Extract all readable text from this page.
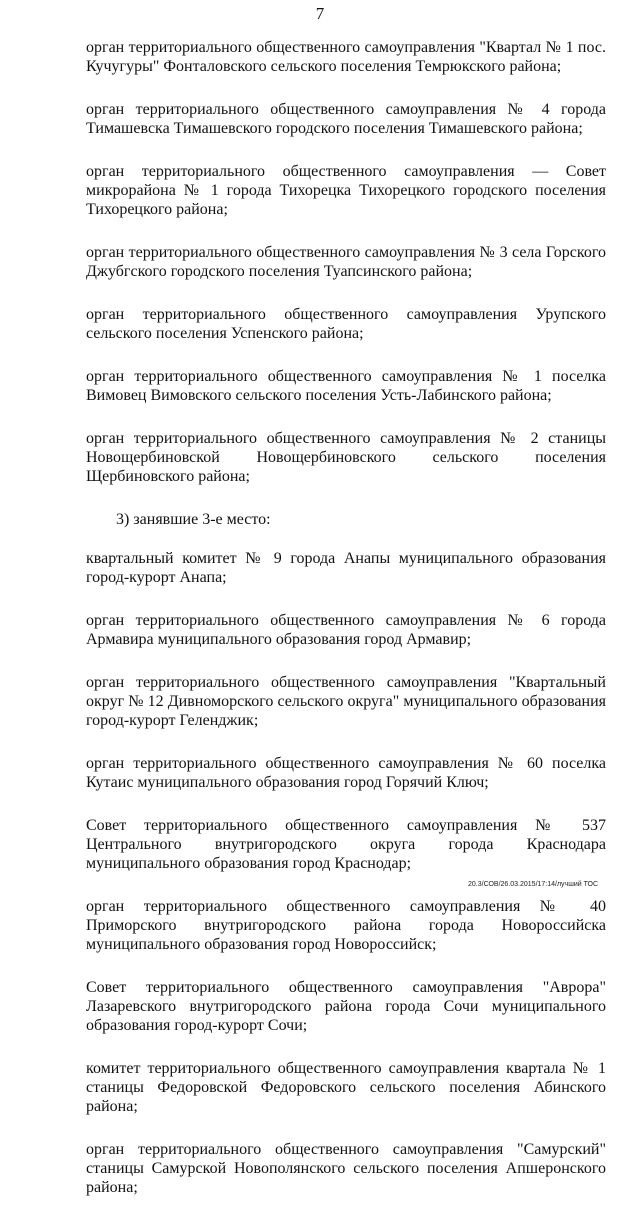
7

орган территориального общественного самоуправления "Квартал № 1 пос. Кучугуры" Фонталовского сельского поселения Темрюкского района;

орган территориального общественного самоуправления № 4 города Тимашевска Тимашевского городского поселения Тимашевского района;

орган территориального общественного самоуправления — Совет микрорайона № 1 города Тихорецка Тихорецкого городского поселения Тихорецкого района;

орган территориального общественного самоуправления № 3 села Горского Джубгского городского поселения Туапсинского района;

орган территориального общественного самоуправления Урупского сельского поселения Успенского района;

орган территориального общественного самоуправления № 1 поселка Вимовец Вимовского сельского поселения Усть-Лабинского района;

орган территориального общественного самоуправления № 2 станицы Новощербиновской Новощербиновского сельского поселения Щербиновского района;

3) занявшие 3-е место:

квартальный комитет № 9 города Анапы муниципального образования город-курорт Анапа;

орган территориального общественного самоуправления № 6 города Армавира муниципального образования город Армавир;

орган территориального общественного самоуправления "Квартальный округ № 12 Дивноморского сельского округа" муниципального образования город-курорт Геленджик;

орган территориального общественного самоуправления № 60 поселка Кутаис муниципального образования город Горячий Ключ;

Совет территориального общественного самоуправления № 537 Центрального внутригородского округа города Краснодара муниципального образования город Краснодар;

орган территориального общественного самоуправления № 40 Приморского внутригородского района города Новороссийска муниципального образования город Новороссийск;

Совет территориального общественного самоуправления "Аврора" Лазаревского внутригородского района города Сочи муниципального образования город-курорт Сочи;

комитет территориального общественного самоуправления квартала № 1 станицы Федоровской Федоровского сельского поселения Абинского района;

орган территориального общественного самоуправления "Самурский" станицы Самурской Новополянского сельского поселения Апшеронского района;

20.3/СОВ/26.03.2015/17:14/лучший ТОС
